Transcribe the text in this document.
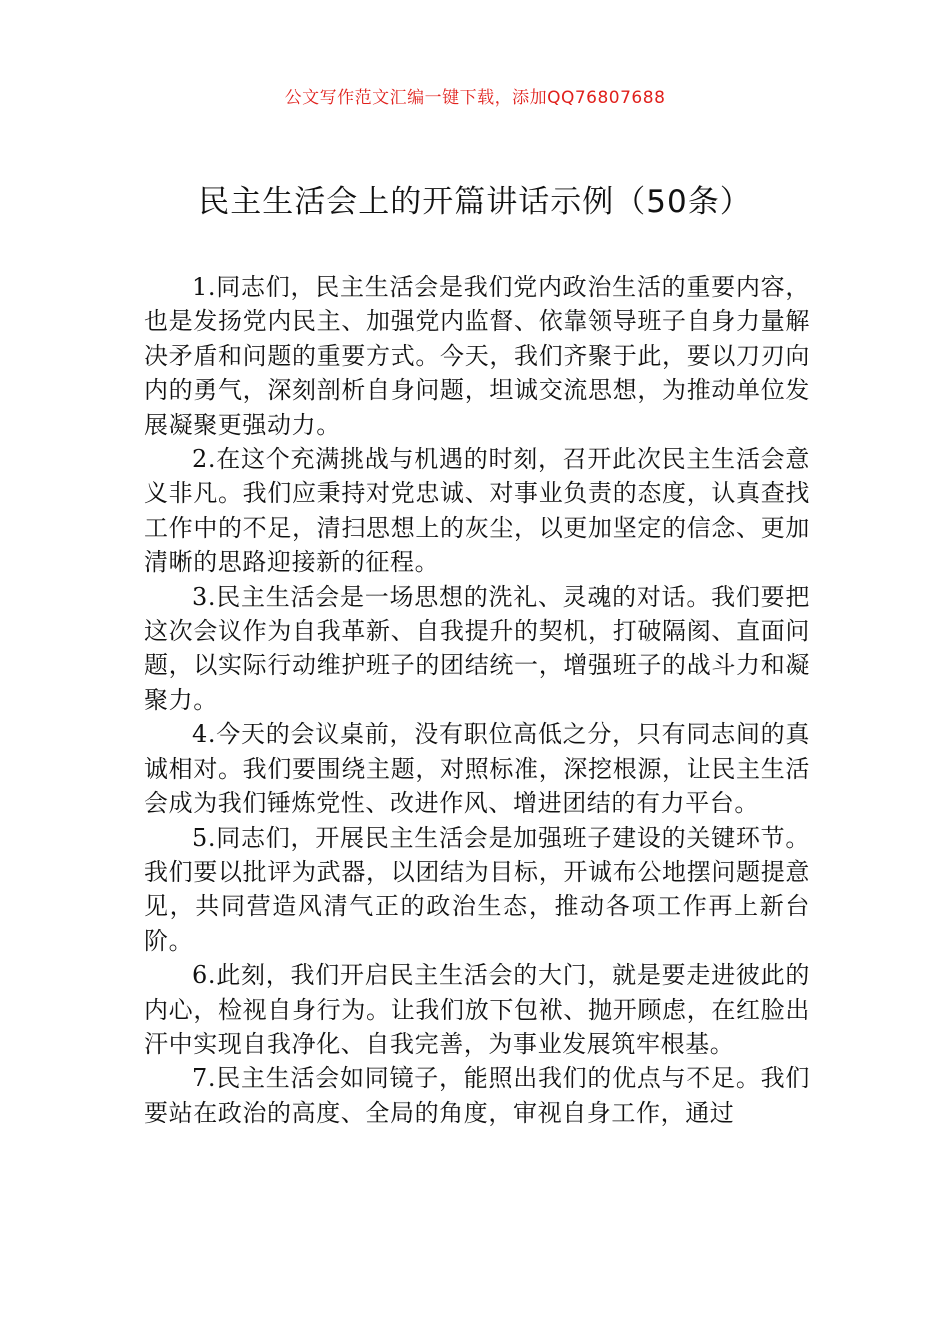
公文写作范文汇编一键下载，添加QQ76807688
民主生活会上的开篇讲话示例（50条）

1.同志们，民主生活会是我们党内政治生活的重要内容，也是发扬党内民主、加强党内监督、依靠领导班子自身力量解决矛盾和问题的重要方式。今天，我们齐聚于此，要以刀刃向内的勇气，深刻剖析自身问题，坦诚交流思想，为推动单位发展凝聚更强动力。

2.在这个充满挑战与机遇的时刻，召开此次民主生活会意义非凡。我们应秉持对党忠诚、对事业负责的态度，认真查找工作中的不足，清扫思想上的灰尘，以更加坚定的信念、更加清晰的思路迎接新的征程。

3.民主生活会是一场思想的洗礼、灵魂的对话。我们要把这次会议作为自我革新、自我提升的契机，打破隔阂、直面问题，以实际行动维护班子的团结统一，增强班子的战斗力和凝聚力。

4.今天的会议桌前，没有职位高低之分，只有同志间的真诚相对。我们要围绕主题，对照标准，深挖根源，让民主生活会成为我们锤炼党性、改进作风、增进团结的有力平台。

5.同志们，开展民主生活会是加强班子建设的关键环节。我们要以批评为武器，以团结为目标，开诚布公地摆问题提意见，共同营造风清气正的政治生态，推动各项工作再上新台阶。

6.此刻，我们开启民主生活会的大门，就是要走进彼此的内心，检视自身行为。让我们放下包袱、抛开顾虑，在红脸出汗中实现自我净化、自我完善，为事业发展筑牢根基。

7.民主生活会如同镜子，能照出我们的优点与不足。我们要站在政治的高度、全局的角度，审视自身工作，通过
